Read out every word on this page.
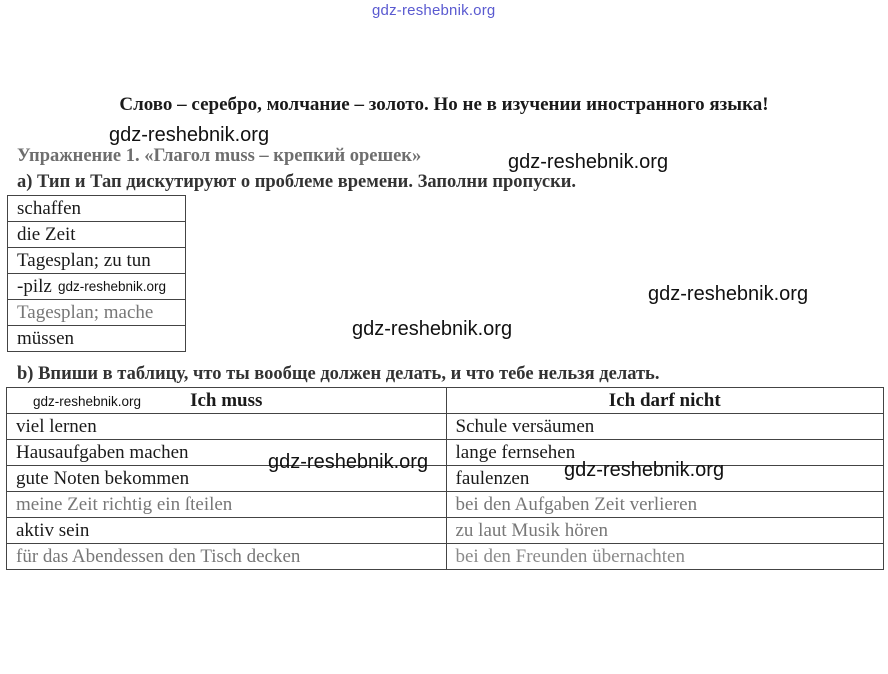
gdz-reshebnik.org
Слово – серебро, молчание – золото. Но не в изучении иностранного языка!
gdz-reshebnik.org
Упражнение 1. «Глагол muss – крепкий орешек»	gdz-reshebnik.org
а) Тип и Тап дискутируют о проблеме времени. Заполни пропуски.
schaffen
die Zeit
Tagesplan; zu tun
-pilz gdz-reshebnik.org

Tagesplan; mache
müssen
gdz-reshebnik.org
gdz-reshebnik.org
b) Впиши в таблицу, что ты вообще должен делать, и что тебе нельзя делать.
gdz-reshebnik.org Ich muss	Ich darf nicht
viel lernen	Schule versäumen
Hausaufgaben machen	lange fernsehen
gute Noten bekommen	faulenzen
meine Zeit richtig ein ſteilen	bei den Aufgaben Zeit verlieren
aktiv sein	zu laut Musik hören
für das Abendessen den Tisch decken	bei den Freunden übernachten
gdz-reshebnik.org	gdz-reshebnik.org
